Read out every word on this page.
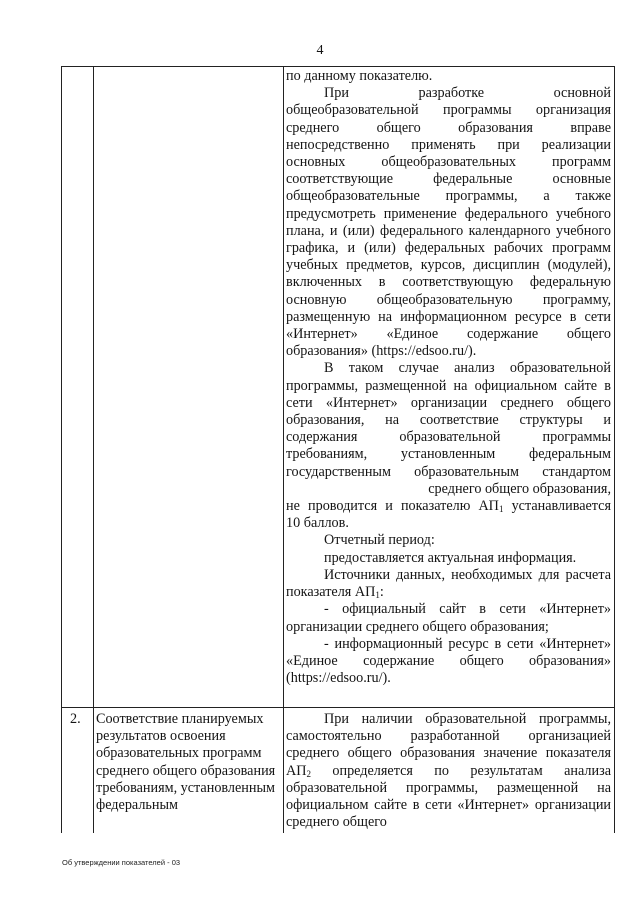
4

по данному показателю.

При разработке основной общеобразовательной программы организация среднего общего образования вправе непосредственно применять при реализации основных общеобразовательных программ соответствующие федеральные основные общеобразовательные программы, а также предусмотреть применение федерального учебного плана, и (или) федерального календарного учебного графика, и (или) федеральных рабочих программ учебных предметов, курсов, дисциплин (модулей), включенных в соответствующую федеральную основную общеобразовательную программу, размещенную на информационном ресурсе в сети «Интернет» «Единое содержание общего образования» (https://edsoo.ru/).

В таком случае анализ образовательной программы, размещенной на официальном сайте в сети «Интернет» организации среднего общего образования, на соответствие структуры и содержания образовательной программы требованиям, установленным федеральным государственным образовательным стандартом среднего общего образования,

не проводится и показателю $АП_1$ устанавливается

10 баллов.

Отчетный период:

предоставляется актуальная информация.

Источники данных, необходимых для расчета показателя $АП_1$:

- официальный сайт в сети «Интернет» организации среднего общего образования;

- информационный ресурс в сети «Интернет» «Единое содержание общего образования» (https://edsoo.ru/).

2. Соответствие планируемых результатов освоения образовательных программ среднего общего образования требованиям, установленным федеральным
При наличии образовательной программы, самостоятельно разработанной организацией среднего общего образования значение показателя $АП_2$ определяется по результатам анализа образовательной программы, размещенной на официальном сайте в сети «Интернет» организации среднего общего
Об утверждении показателей - 03
